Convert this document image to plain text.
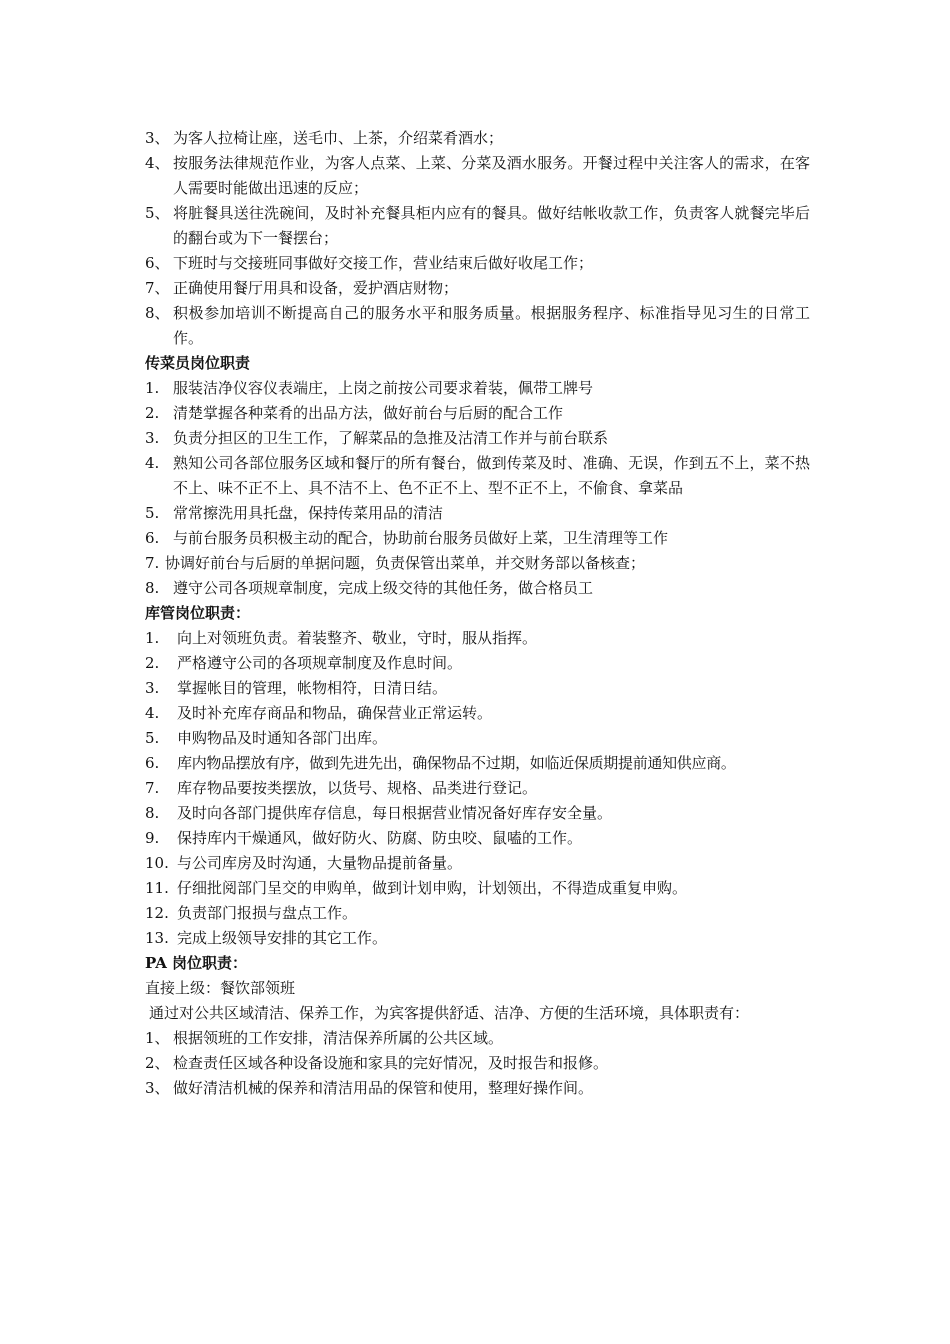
3、 为客人拉椅让座，送毛巾、上茶，介绍菜肴酒水；
4、 按服务法律规范作业，为客人点菜、上菜、分菜及酒水服务。开餐过程中关注客人的需求，在客人需要时能做出迅速的反应；
5、 将脏餐具送往洗碗间，及时补充餐具柜内应有的餐具。做好结帐收款工作，负责客人就餐完毕后的翻台或为下一餐摆台；
6、 下班时与交接班同事做好交接工作，营业结束后做好收尾工作；
7、 正确使用餐厅用具和设备，爱护酒店财物；
8、 积极参加培训不断提高自己的服务水平和服务质量。根据服务程序、标准指导见习生的日常工作。
传菜员岗位职责
1. 服装洁净仪容仪表端庄，上岗之前按公司要求着装，佩带工牌号
2. 清楚掌握各种菜肴的出品方法，做好前台与后厨的配合工作
3. 负责分担区的卫生工作，了解菜品的急推及沽清工作并与前台联系
4. 熟知公司各部位服务区域和餐厅的所有餐台，做到传菜及时、准确、无误，作到五不上，菜不热不上、味不正不上、具不洁不上、色不正不上、型不正不上，不偷食、拿菜品
5. 常常擦洗用具托盘，保持传菜用品的清洁
6. 与前台服务员积极主动的配合，协助前台服务员做好上菜，卫生清理等工作
7. 协调好前台与后厨的单据问题，负责保管出菜单，并交财务部以备核查；
8. 遵守公司各项规章制度，完成上级交待的其他任务，做合格员工
库管岗位职责：
1.	向上对领班负责。着装整齐、敬业，守时，服从指挥。
2.	严格遵守公司的各项规章制度及作息时间。
3.	掌握帐目的管理，帐物相符，日清日结。
4.	及时补充库存商品和物品，确保营业正常运转。
5.	申购物品及时通知各部门出库。
6.	库内物品摆放有序，做到先进先出，确保物品不过期，如临近保质期提前通知供应商。
7.	库存物品要按类摆放，以货号、规格、品类进行登记。
8.	及时向各部门提供库存信息，每日根据营业情况备好库存安全量。
9.	保持库内干燥通风，做好防火、防腐、防虫咬、鼠嗑的工作。
10. 与公司库房及时沟通，大量物品提前备量。
11. 仔细批阅部门呈交的申购单，做到计划申购，计划领出，不得造成重复申购。
12. 负责部门报损与盘点工作。
13. 完成上级领导安排的其它工作。
PA 岗位职责：
直接上级：餐饮部领班
通过对公共区域清洁、保养工作，为宾客提供舒适、洁净、方便的生活环境，具体职责有：
1、 根据领班的工作安排，清洁保养所属的公共区域。
2、 检查责任区域各种设备设施和家具的完好情况，及时报告和报修。
3、 做好清洁机械的保养和清洁用品的保管和使用，整理好操作间。
